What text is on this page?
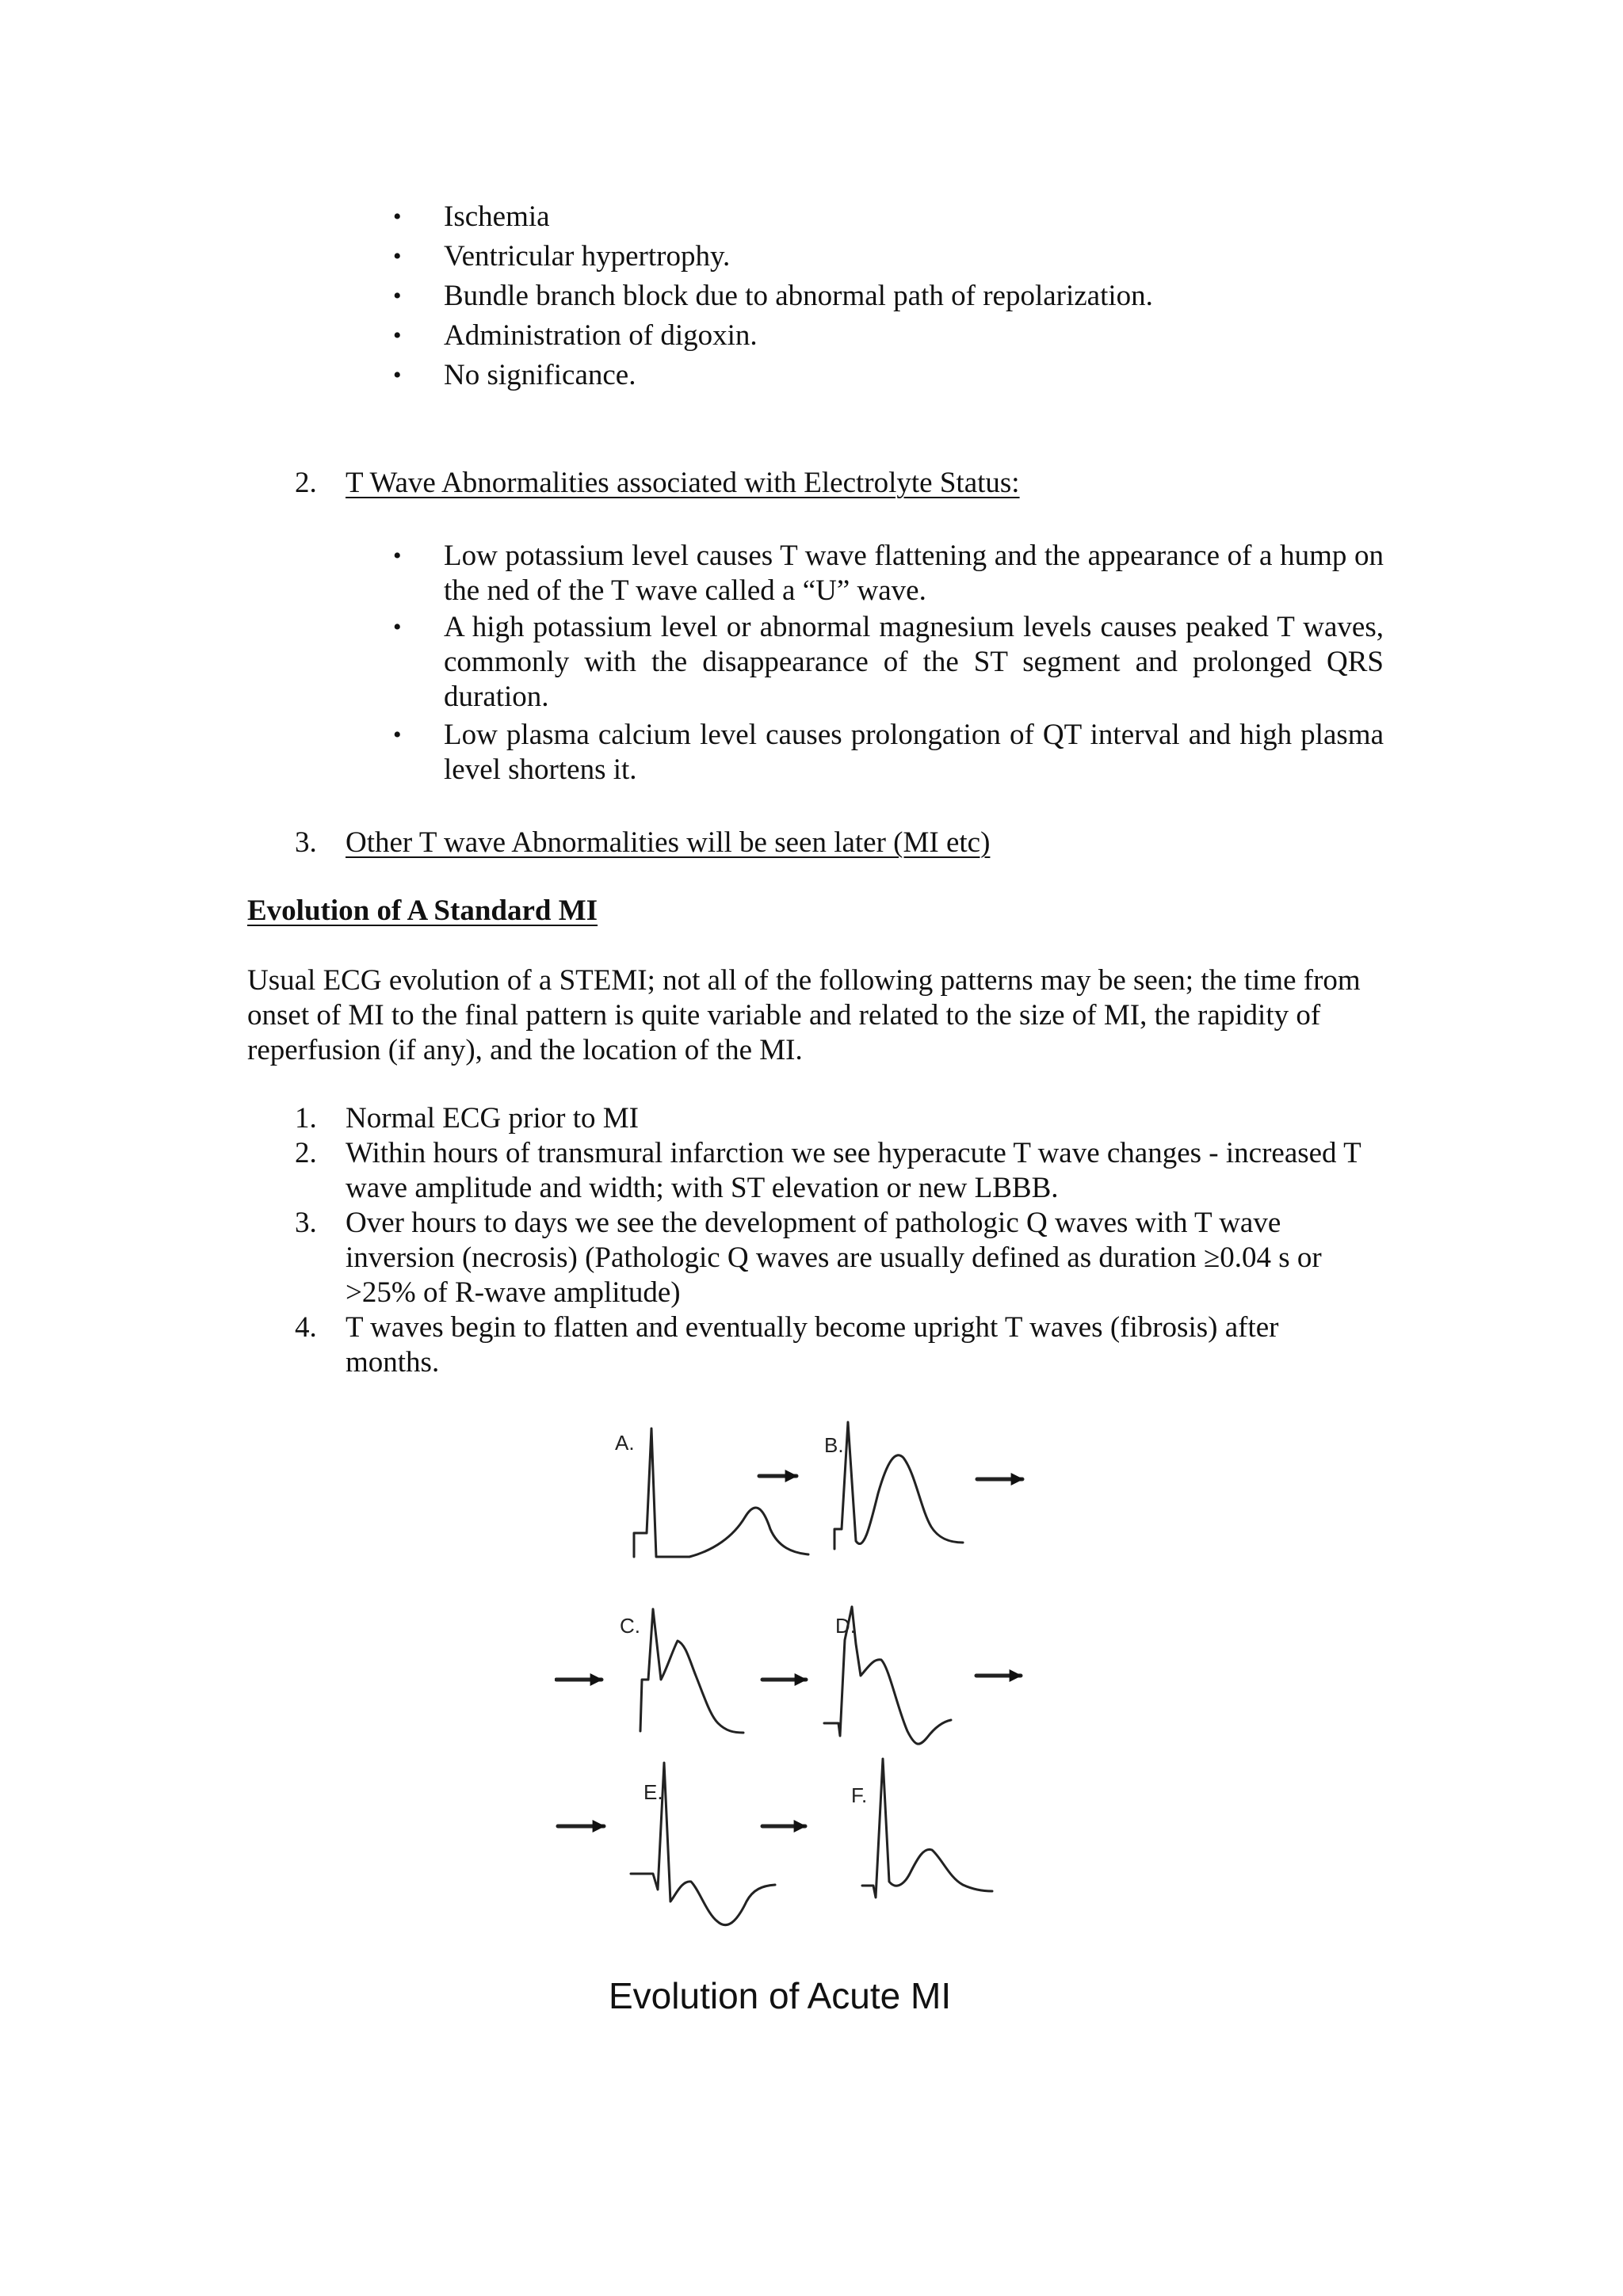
•	Ischemia
•	Ventricular hypertrophy.
•	Bundle branch block due to abnormal path of repolarization.
•	Administration of digoxin.
•	No significance.
2. T Wave Abnormalities associated with Electrolyte Status:
•	Low potassium level causes T wave flattening and the appearance of a hump on the ned of the T wave called a “U” wave.
•	A high potassium level or abnormal magnesium levels causes peaked T waves, commonly with the disappearance of the ST segment and prolonged QRS duration.
•	Low plasma calcium level causes prolongation of QT interval and high plasma level shortens it.
3. Other T wave Abnormalities will be seen later (MI etc)
Evolution of A Standard MI
Usual ECG evolution of a STEMI; not all of the following patterns may be seen; the time from onset of MI to the final pattern is quite variable and related to the size of MI, the rapidity of reperfusion (if any), and the location of the MI.
1. Normal ECG prior to MI
2. Within hours of transmural infarction we see hyperacute T wave changes - increased T wave amplitude and width; with ST elevation or new LBBB.
3. Over hours to days we see the development of pathologic Q waves with T wave inversion (necrosis) (Pathologic Q waves are usually defined as duration ≥0.04 s or >25% of R-wave amplitude)
4. T waves begin to flatten and eventually become upright T waves (fibrosis) after months.
A.	B.
C.	D.
E.	F.
Evolution of Acute MI
